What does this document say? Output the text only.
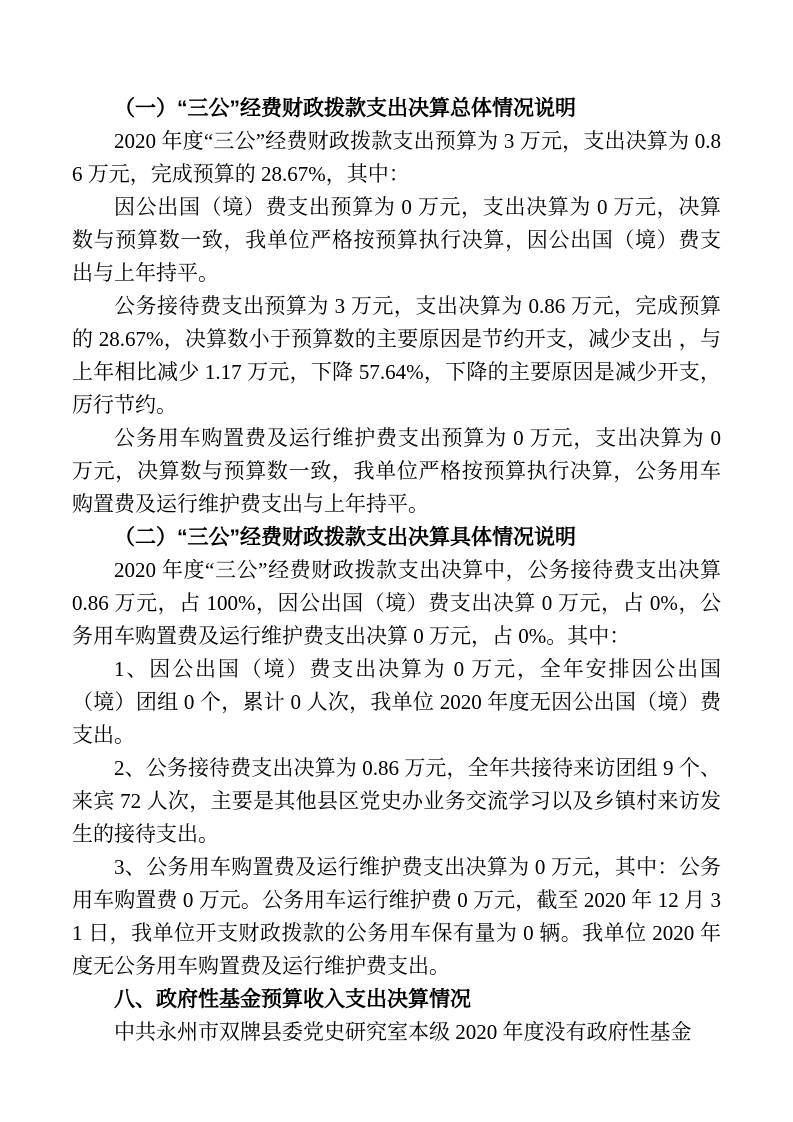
（一）“三公”经费财政拨款支出决算总体情况说明
2020 年度“三公”经费财政拨款支出预算为 3 万元，支出决算为 0.86 万元，完成预算的 28.67%，其中：
因公出国（境）费支出预算为 0 万元，支出决算为 0 万元，决算数与预算数一致，我单位严格按预算执行决算，因公出国（境）费支出与上年持平。
公务接待费支出预算为 3 万元，支出决算为 0.86 万元，完成预算的 28.67%，决算数小于预算数的主要原因是节约开支，减少支出 ，与上年相比减少 1.17 万元，下降 57.64%，下降的主要原因是减少开支，厉行节约。
公务用车购置费及运行维护费支出预算为 0 万元，支出决算为 0 万元，决算数与预算数一致，我单位严格按预算执行决算，公务用车购置费及运行维护费支出与上年持平。
（二）“三公”经费财政拨款支出决算具体情况说明
2020 年度“三公”经费财政拨款支出决算中，公务接待费支出决算 0.86 万元，占 100%，因公出国（境）费支出决算 0 万元，占 0%，公务用车购置费及运行维护费支出决算 0 万元，占 0%。其中：
1、因公出国（境）费支出决算为 0 万元，全年安排因公出国（境）团组 0 个，累计 0 人次，我单位 2020 年度无因公出国（境）费支出。
2、公务接待费支出决算为 0.86 万元，全年共接待来访团组 9 个、来宾 72 人次，主要是其他县区党史办业务交流学习以及乡镇村来访发生的接待支出。
3、公务用车购置费及运行维护费支出决算为 0 万元，其中：公务用车购置费 0 万元。公务用车运行维护费 0 万元，截至 2020 年 12 月 31 日，我单位开支财政拨款的公务用车保有量为 0 辆。我单位 2020 年度无公务用车购置费及运行维护费支出。
八、政府性基金预算收入支出决算情况
中共永州市双牌县委党史研究室本级 2020 年度没有政府性基金
